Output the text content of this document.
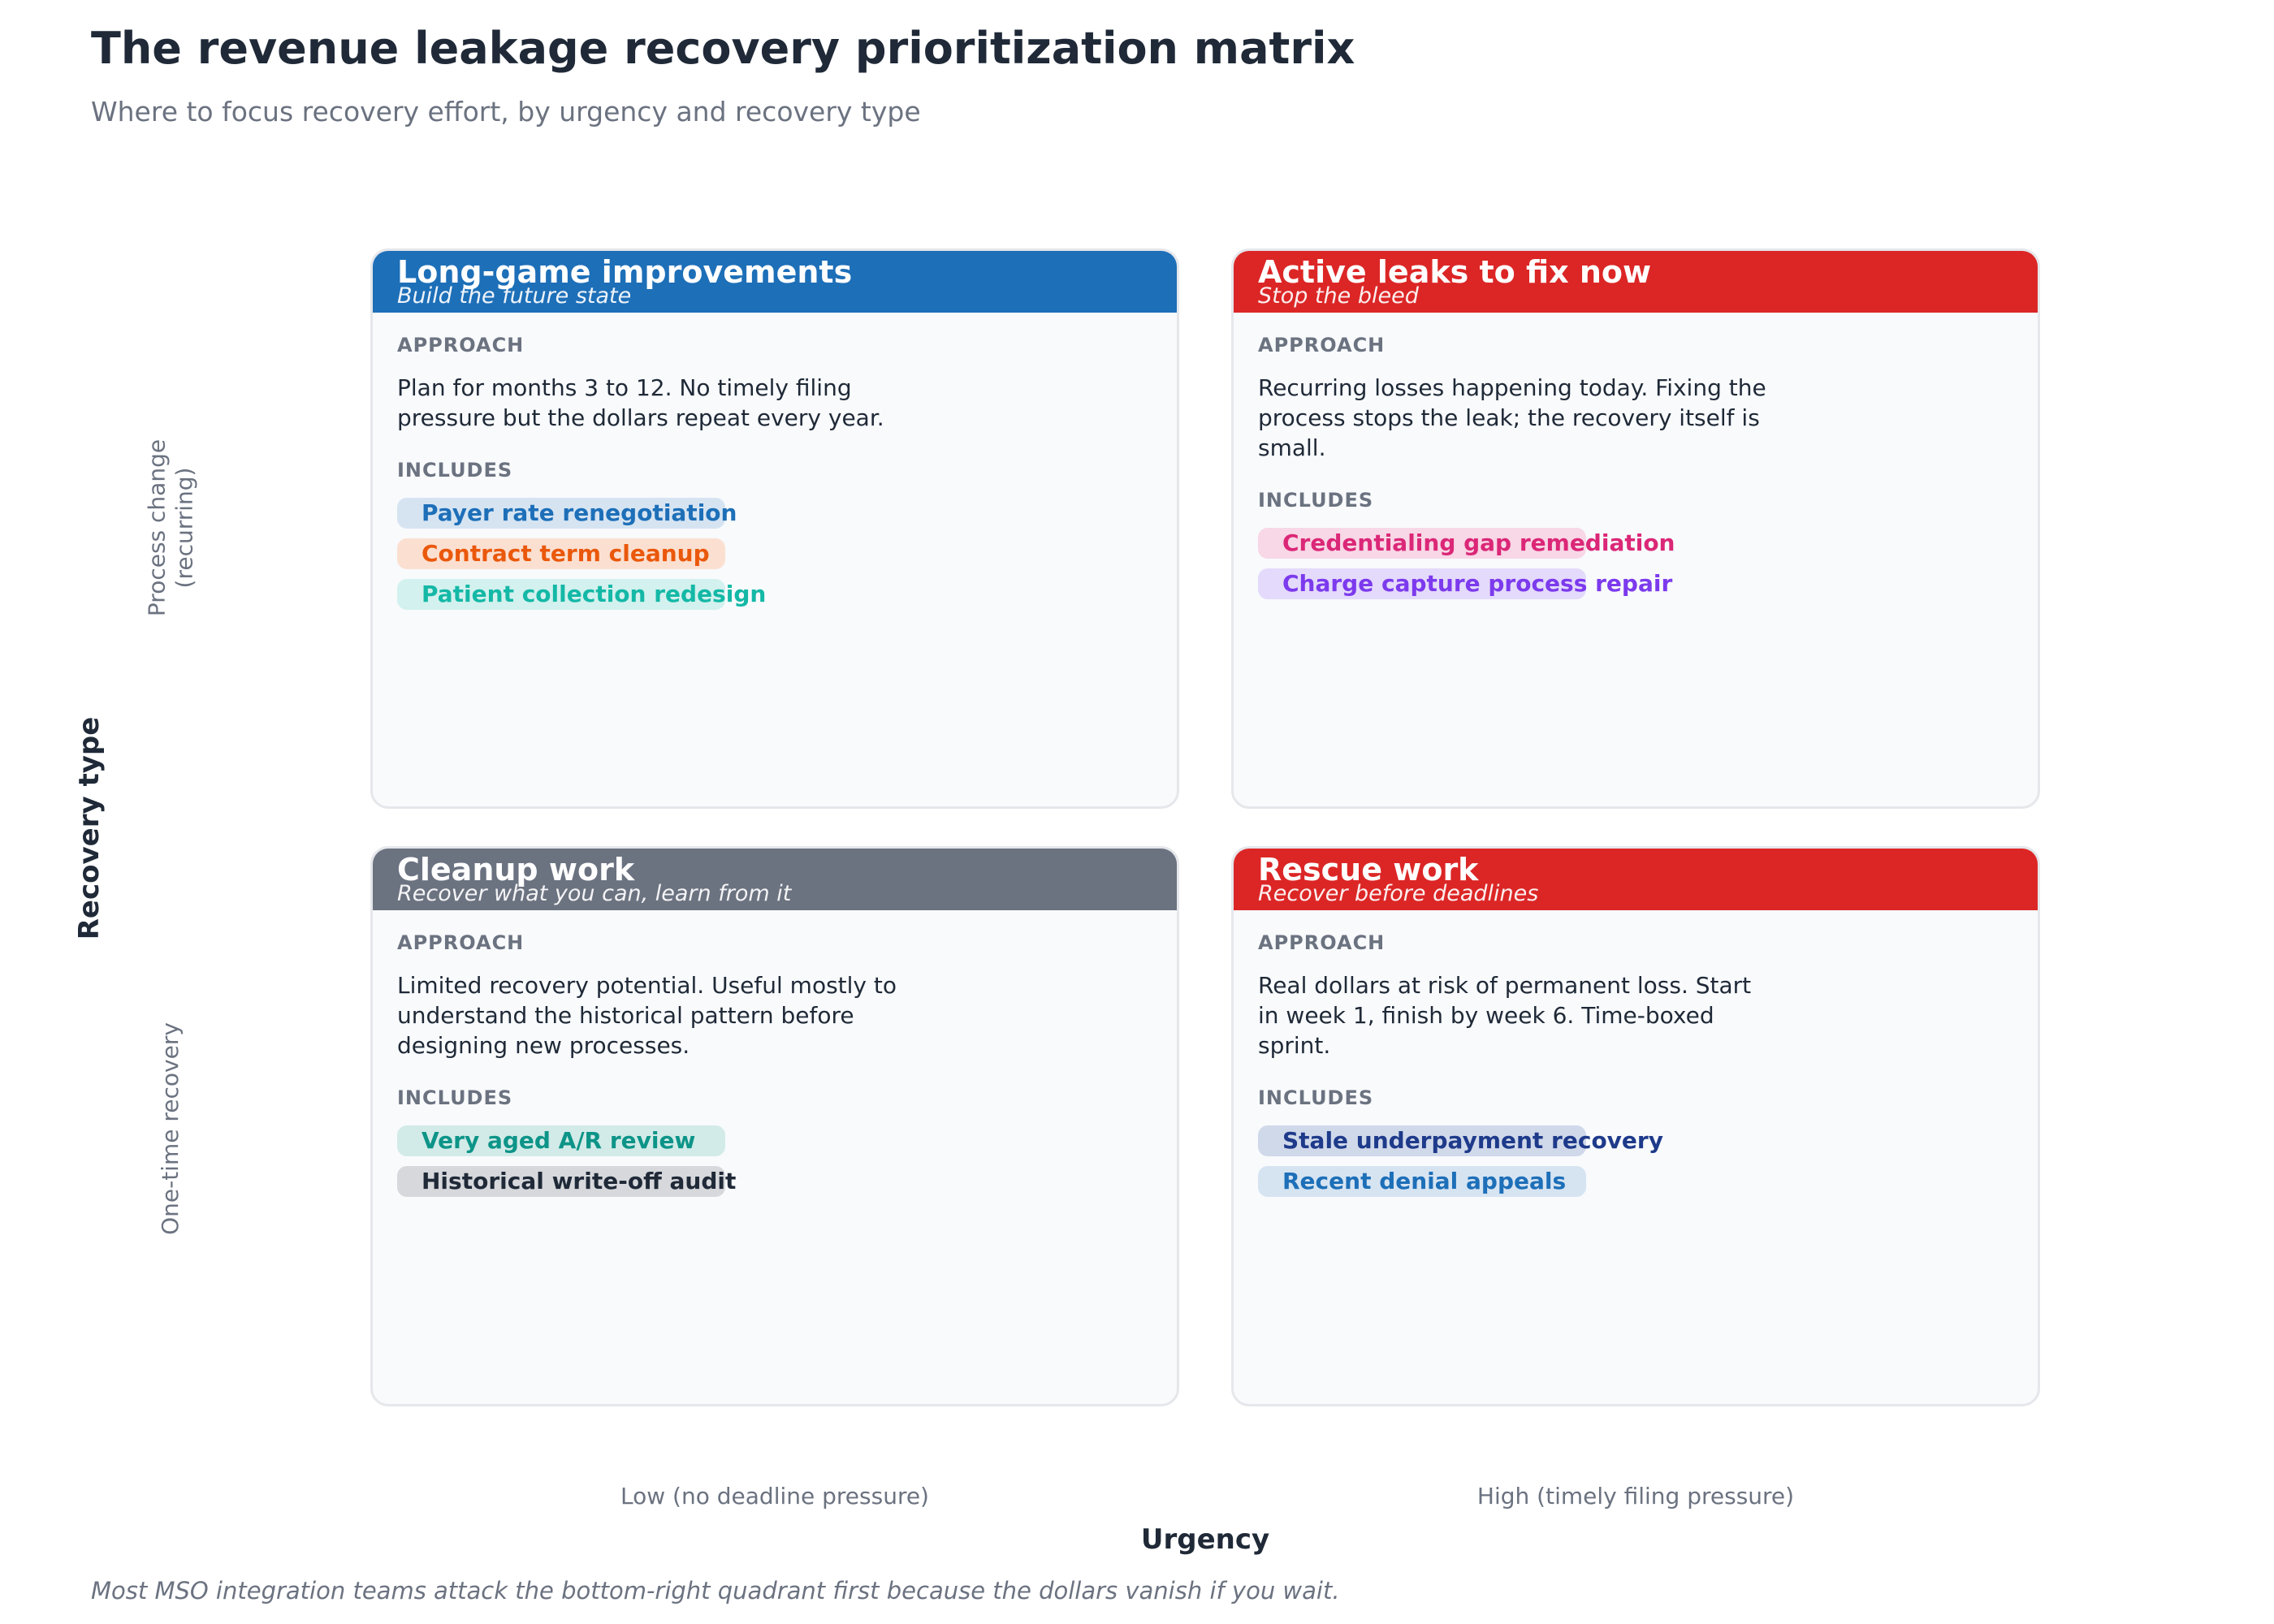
The revenue leakage recovery prioritization matrix
Where to focus recovery effort, by urgency and recovery type
Recovery type
Process change (recurring)
One-time recovery
Long-game improvements
Build the future state
APPROACH
Plan for months 3 to 12. No timely filing pressure but the dollars repeat every year.
INCLUDES
Payer rate renegotiation
Contract term cleanup
Patient collection redesign
Active leaks to fix now
Stop the bleed
APPROACH
Recurring losses happening today. Fixing the process stops the leak; the recovery itself is small.
INCLUDES
Credentialing gap remediation
Charge capture process repair
Cleanup work
Recover what you can, learn from it
APPROACH
Limited recovery potential. Useful mostly to understand the historical pattern before designing new processes.
INCLUDES
Very aged A/R review
Historical write-off audit
Rescue work
Recover before deadlines
APPROACH
Real dollars at risk of permanent loss. Start in week 1, finish by week 6. Time-boxed sprint.
INCLUDES
Stale underpayment recovery
Recent denial appeals
Low (no deadline pressure)	High (timely filing pressure)
Urgency
Most MSO integration teams attack the bottom-right quadrant first because the dollars vanish if you wait.
